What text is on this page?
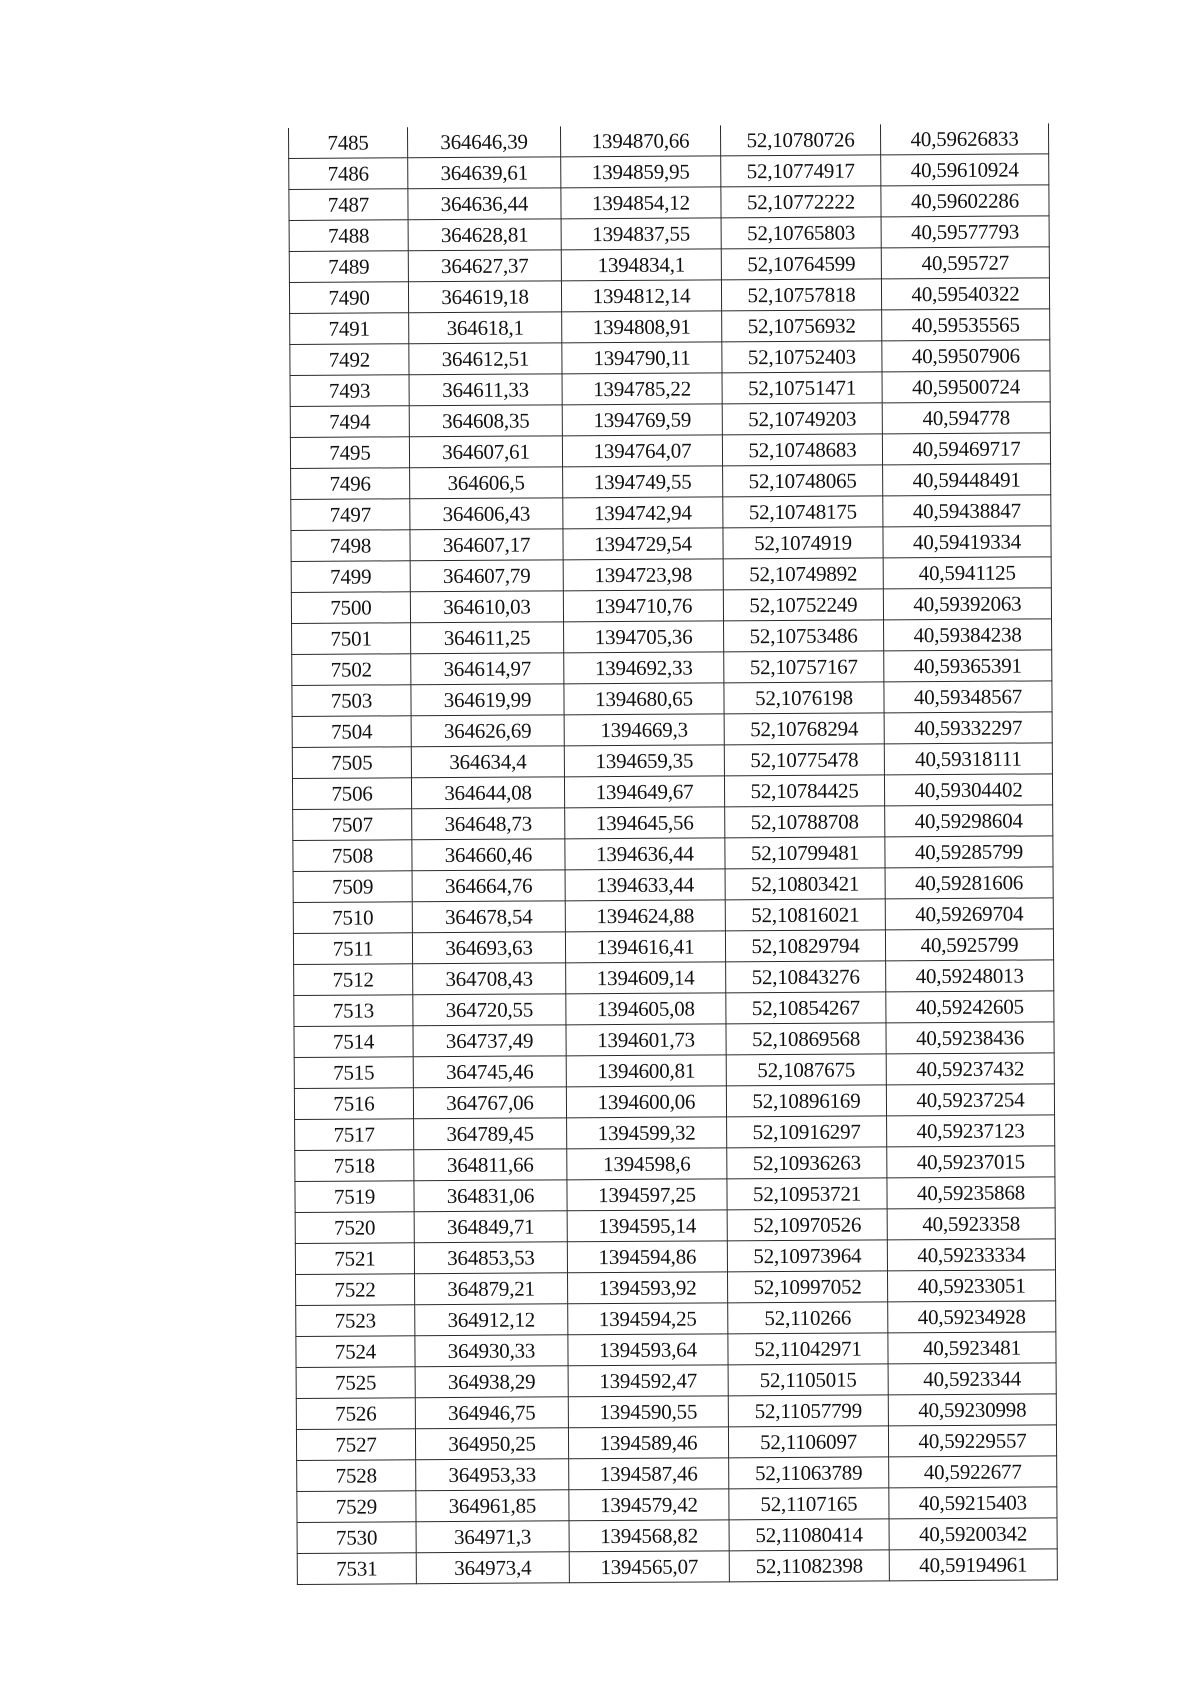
7485	364646,39	1394870,66	52,10780726	40,59626833
7486	364639,61	1394859,95	52,10774917	40,59610924
7487	364636,44	1394854,12	52,10772222	40,59602286
7488	364628,81	1394837,55	52,10765803	40,59577793
7489	364627,37	1394834,1	52,10764599	40,595727
7490	364619,18	1394812,14	52,10757818	40,59540322
7491	364618,1	1394808,91	52,10756932	40,59535565
7492	364612,51	1394790,11	52,10752403	40,59507906
7493	364611,33	1394785,22	52,10751471	40,59500724
7494	364608,35	1394769,59	52,10749203	40,594778
7495	364607,61	1394764,07	52,10748683	40,59469717
7496	364606,5	1394749,55	52,10748065	40,59448491
7497	364606,43	1394742,94	52,10748175	40,59438847
7498	364607,17	1394729,54	52,1074919	40,59419334
7499	364607,79	1394723,98	52,10749892	40,5941125
7500	364610,03	1394710,76	52,10752249	40,59392063
7501	364611,25	1394705,36	52,10753486	40,59384238
7502	364614,97	1394692,33	52,10757167	40,59365391
7503	364619,99	1394680,65	52,1076198	40,59348567
7504	364626,69	1394669,3	52,10768294	40,59332297
7505	364634,4	1394659,35	52,10775478	40,59318111
7506	364644,08	1394649,67	52,10784425	40,59304402
7507	364648,73	1394645,56	52,10788708	40,59298604
7508	364660,46	1394636,44	52,10799481	40,59285799
7509	364664,76	1394633,44	52,10803421	40,59281606
7510	364678,54	1394624,88	52,10816021	40,59269704
7511	364693,63	1394616,41	52,10829794	40,5925799
7512	364708,43	1394609,14	52,10843276	40,59248013
7513	364720,55	1394605,08	52,10854267	40,59242605
7514	364737,49	1394601,73	52,10869568	40,59238436
7515	364745,46	1394600,81	52,1087675	40,59237432
7516	364767,06	1394600,06	52,10896169	40,59237254
7517	364789,45	1394599,32	52,10916297	40,59237123
7518	364811,66	1394598,6	52,10936263	40,59237015
7519	364831,06	1394597,25	52,10953721	40,59235868
7520	364849,71	1394595,14	52,10970526	40,5923358
7521	364853,53	1394594,86	52,10973964	40,59233334
7522	364879,21	1394593,92	52,10997052	40,59233051
7523	364912,12	1394594,25	52,110266	40,59234928
7524	364930,33	1394593,64	52,11042971	40,5923481
7525	364938,29	1394592,47	52,1105015	40,5923344
7526	364946,75	1394590,55	52,11057799	40,59230998
7527	364950,25	1394589,46	52,1106097	40,59229557
7528	364953,33	1394587,46	52,11063789	40,5922677
7529	364961,85	1394579,42	52,1107165	40,59215403
7530	364971,3	1394568,82	52,11080414	40,59200342
7531	364973,4	1394565,07	52,11082398	40,59194961
